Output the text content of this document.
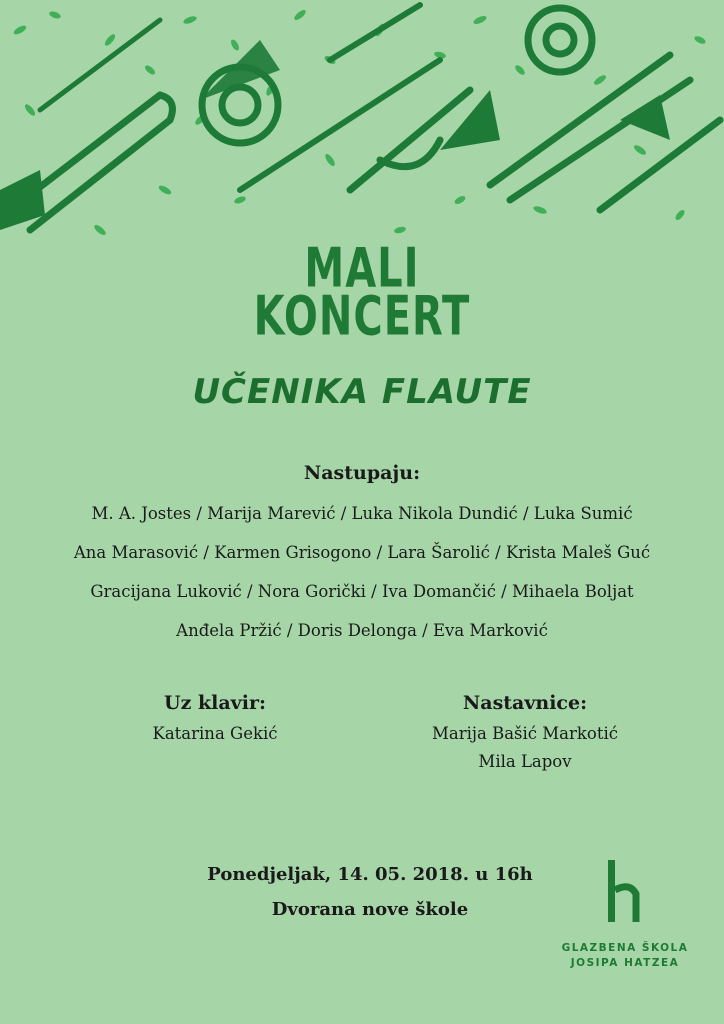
MALI
KONCERT
UČENIKA FLAUTE
Nastupaju:
M. A. Jostes / Marija Marević / Luka Nikola Dundić / Luka Sumić
Ana Marasović / Karmen Grisogono / Lara Šarolić / Krista Maleš Guć
Gracijana Luković / Nora Gorički / Iva Domančić / Mihaela Boljat
Anđela Pržić / Doris Delonga / Eva Marković
Uz klavir:
Katarina Gekić
Nastavnice:
Marija Bašić Markotić
Mila Lapov
Ponedjeljak, 14. 05. 2018. u 16h
Dvorana nove škole
GLAZBENA ŠKOLA
JOSIPA HATZEA
